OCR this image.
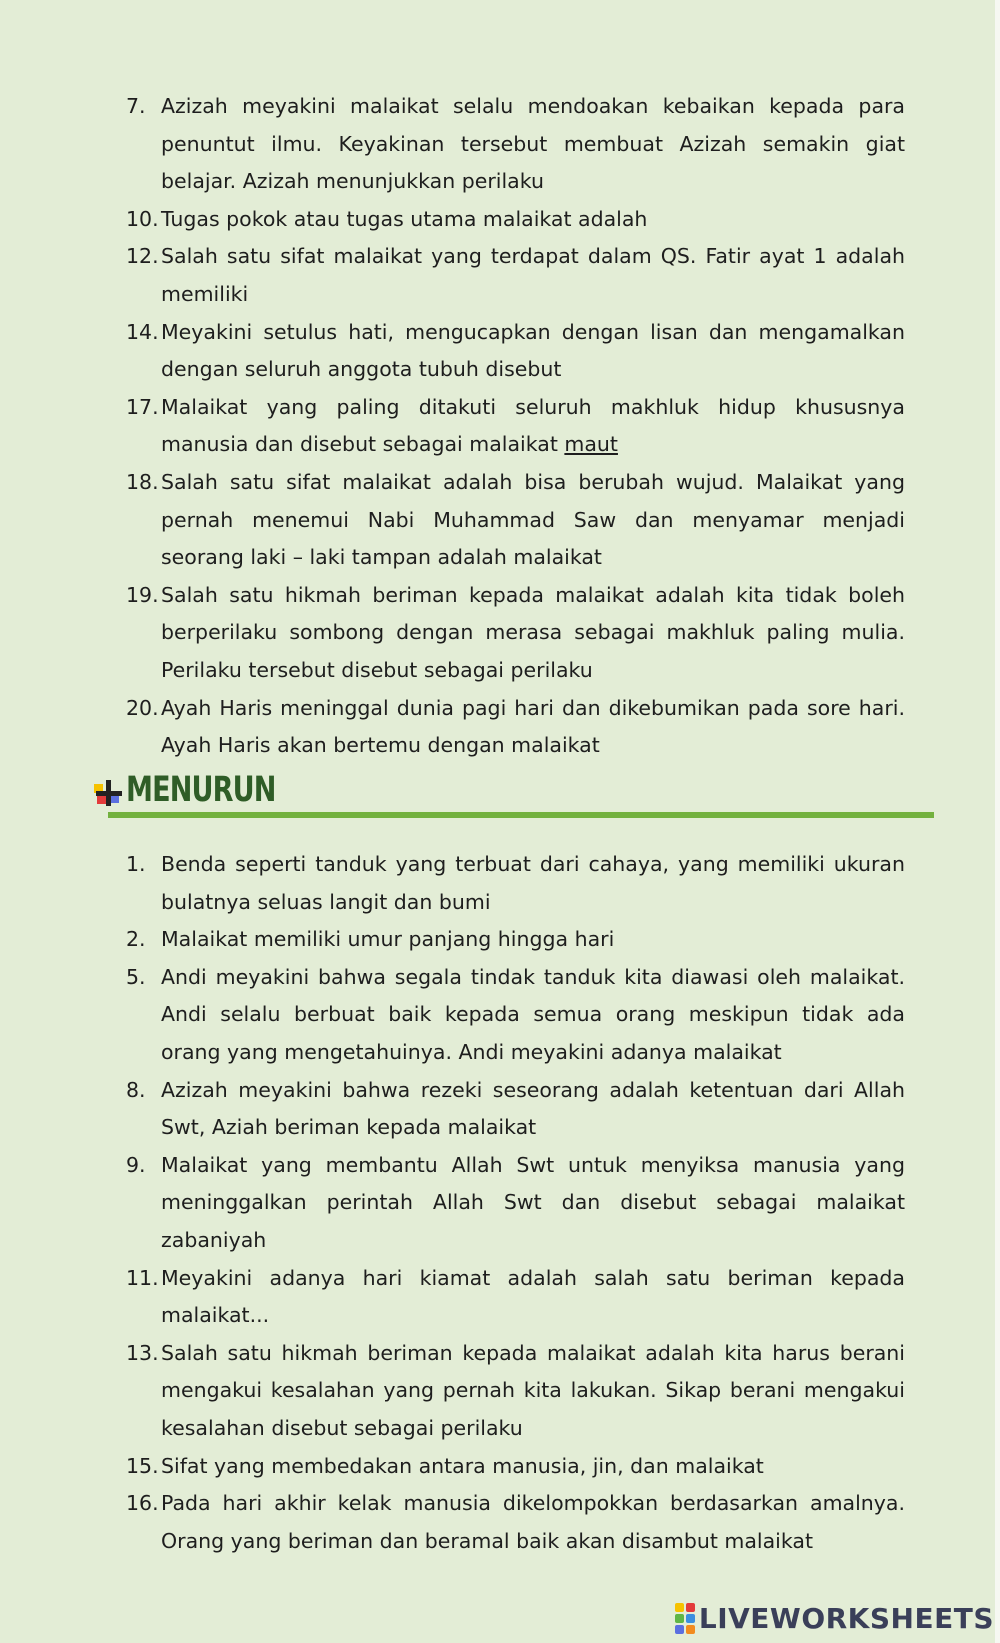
7. Azizah meyakini malaikat selalu mendoakan kebaikan kepada para penuntut ilmu. Keyakinan tersebut membuat Azizah semakin giat belajar. Azizah menunjukkan perilaku
10. Tugas pokok atau tugas utama malaikat adalah
12. Salah satu sifat malaikat yang terdapat dalam QS. Fatir ayat 1 adalah memiliki
14. Meyakini setulus hati, mengucapkan dengan lisan dan mengamalkan dengan seluruh anggota tubuh disebut
17. Malaikat yang paling ditakuti seluruh makhluk hidup khususnya manusia dan disebut sebagai malaikat maut
18. Salah satu sifat malaikat adalah bisa berubah wujud. Malaikat yang pernah menemui Nabi Muhammad Saw dan menyamar menjadi seorang laki – laki tampan adalah malaikat
19. Salah satu hikmah beriman kepada malaikat adalah kita tidak boleh berperilaku sombong dengan merasa sebagai makhluk paling mulia. Perilaku tersebut disebut sebagai perilaku
20. Ayah Haris meninggal dunia pagi hari dan dikebumikan pada sore hari. Ayah Haris akan bertemu dengan malaikat
MENURUN
1. Benda seperti tanduk yang terbuat dari cahaya, yang memiliki ukuran bulatnya seluas langit dan bumi
2. Malaikat memiliki umur panjang hingga hari
5. Andi meyakini bahwa segala tindak tanduk kita diawasi oleh malaikat. Andi selalu berbuat baik kepada semua orang meskipun tidak ada orang yang mengetahuinya. Andi meyakini adanya malaikat
8. Azizah meyakini bahwa rezeki seseorang adalah ketentuan dari Allah Swt, Aziah beriman kepada malaikat
9. Malaikat yang membantu Allah Swt untuk menyiksa manusia yang meninggalkan perintah Allah Swt dan disebut sebagai malaikat zabaniyah
11. Meyakini adanya hari kiamat adalah salah satu beriman kepada malaikat...
13. Salah satu hikmah beriman kepada malaikat adalah kita harus berani mengakui kesalahan yang pernah kita lakukan. Sikap berani mengakui kesalahan disebut sebagai perilaku
15. Sifat yang membedakan antara manusia, jin, dan malaikat
16. Pada hari akhir kelak manusia dikelompokkan berdasarkan amalnya. Orang yang beriman dan beramal baik akan disambut malaikat
LIVEWORKSHEETS
